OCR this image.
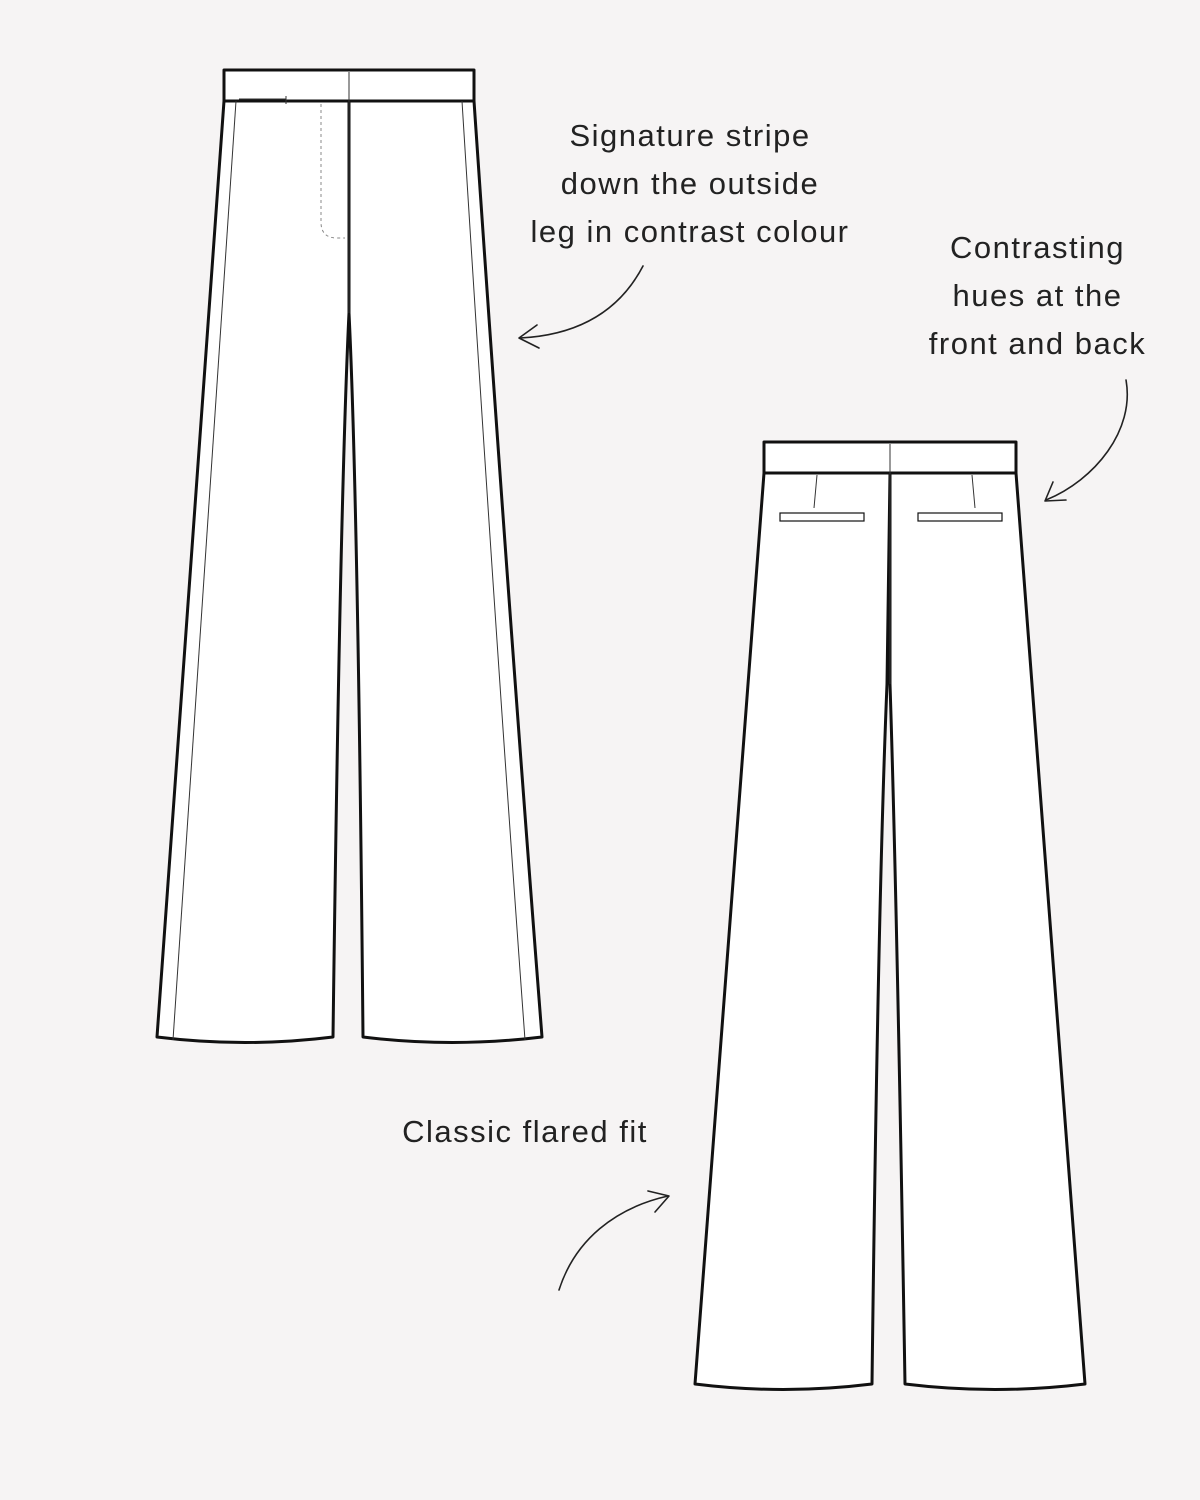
Signature stripe
down the outside
leg in contrast colour	Contrasting
hues at the
front and back
Classic flared fit
